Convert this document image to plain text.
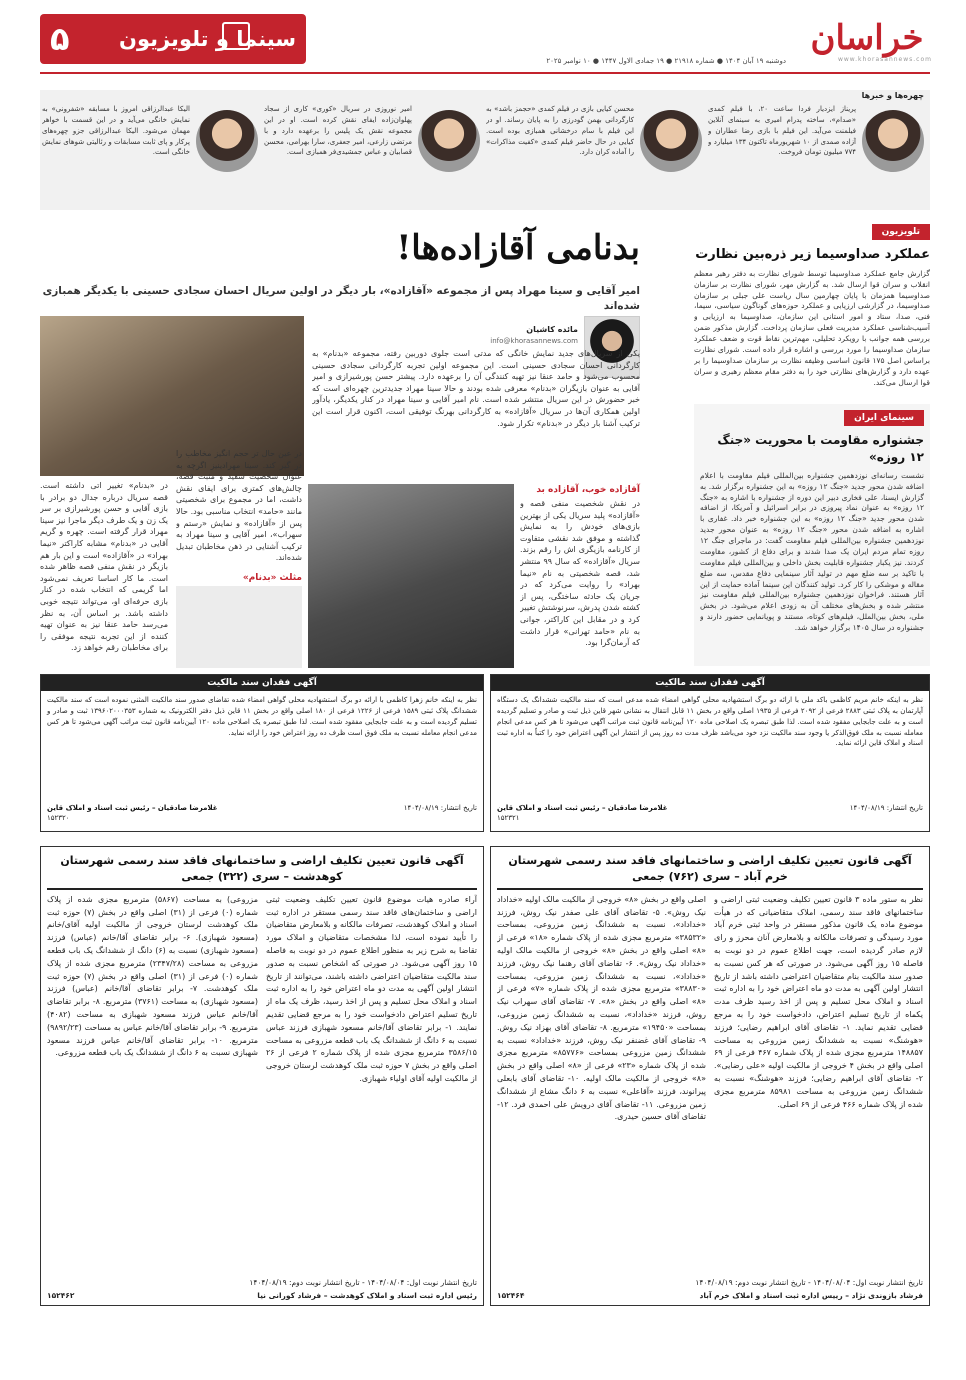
خراسان
www.khorasannews.com
دوشنبه ۱۹ آبان ۱۴۰۴ ● شماره ۲۱۹۱۸ ● ۱۹ جمادی الاول ۱۴۴۷ ● ۱۰ نوامبر ۲۰۲۵
سینما و تلویزیون
۵
چهره‌ها و خبرها
پریناز ایزدیار فردا ساعت ۲۰، با فیلم کمدی «صدام»، ساخته پدرام امیری به سینمای آنلاین فیلمنت می‌آید. این فیلم با بازی رضا عطاران و آزاده صمدی از ۱۰ شهریورماه تاکنون ۱۳۴ میلیارد و ۷۷۴ میلیون تومان فروخت.
محسن کیایی بازی در فیلم کمدی «حجمز باشد» به کارگردانی بهمن گودرزی را به پایان رساند. او در این فیلم با سام درخشانی همبازی بوده است. کیایی در حال حاضر فیلم کمدی «کفیت مذاکرات» را آماده کران دارد.
امیر نوروزی در سریال «کوری» کاری از سجاد پهلوان‌زاده ایفای نقش کرده است. او در این مجموعه نقش یک پلیس را برعهده دارد و با مرتضی زارعی، امیر جعفری، سارا بهرامی، محسن قصابیان و عباس جمشیدی‌فر همبازی است.
الیکا عبدالرزاقی امروز با مسابقه «شفرونی» به نمایش خانگی می‌آید و در این قسمت با خواهر مهمان می‌شود. الیکا عبدالرزاقی جزو چهره‌های پرکار و پای ثابت مسابقات و رئالیتی شوهای نمایش خانگی است.
تلویزیون
عملکرد صداوسیما زیر ذره‌بین نظارت
گزارش جامع عملکرد صداوسیما توسط شورای نظارت به دفتر رهبر معظم انقلاب و سران قوا ارسال شد. به گزارش مهر، شورای نظارت بر سازمان صداوسیما همزمان با پایان چهارمین سال ریاست علی جبلی بر سازمان صداوسیما، در گزارشی ارزیابی و عملکرد حوزه‌های گوناگون سیاسی، سیما، فنی، صدا، ستاد و امور استانی این سازمان، صداوسیما به ارزیابی و آسیب‌شناسی عملکرد مدیریت فعلی سازمان پرداخت. گزارش مذکور ضمن بررسی همه جوانب با رویکرد تحلیلی، مهم‌ترین نقاط قوت و ضعف عملکرد سازمان صداوسیما را مورد بررسی و اشاره قرار داده است. شورای نظارت براساس اصل ۱۷۵ قانون اساسی وظیفه نظارت بر سازمان صداوسیما را بر عهده دارد و گزارش‌های نظارتی خود را به دفتر مقام معظم رهبری و سران قوا ارسال می‌کند.
سینمای ایران
جشنواره مقاومت با محوریت «جنگ ۱۲ روزه»
نشست رسانه‌ای نوزدهمین جشنواره بین‌المللی فیلم مقاومت با اعلام اضافه شدن محور جدید «جنگ ۱۲ روزه» به این جشنواره برگزار شد. به گزارش ایسنا، علی فخاری دبیر این دوره از جشنواره با اشاره به «جنگ ۱۲ روزه» به عنوان نماد پیروزی در برابر اسرائیل و آمریکا، از اضافه شدن محور جدید «جنگ ۱۲ روزه» به این جشنواره خبر داد. غفاری با اشاره به اضافه شدن محور «جنگ ۱۲ روزه» به عنوان محور جدید نوزدهمین جشنواره بین‌المللی فیلم مقاومت گفت: در ماجرای جنگ ۱۲ روزه تمام مردم ایران یک صدا شدند و برای دفاع از کشور، مقاومت کردند. نیز یکبار جشنواره قابلیت بخش داخلی و بین‌المللی فیلم مقاومت با تاکید بر سه ضلع مهم در تولید آثار سینمایی دفاع مقدس، سه ضلع مقاله و موشکی را کار کرد. تولید کنندگان این سینما آماده حمایت از این آثار هستند. فراخوان نوزدهمین جشنواره بین‌المللی فیلم مقاومت نیز منتشر شده و بخش‌های مختلف آن به زودی اعلام می‌شود. در بخش ملی، بخش بین‌الملل، فیلم‌های کوتاه، مستند و پویانمایی حضور دارند و جشنواره در سال ۱۴۰۵ برگزار خواهد شد.
بدنامی آقازاده‌ها!
امیر آقایی و سینا مهراد پس از مجموعه «آقازاده»، بار دیگر در اولین سریال احسان سجادی حسینی با یکدیگر همبازی شده‌اند
مائده کاشیان
info@khorasannews.com
یکی از سریال‌های جدید نمایش خانگی که مدتی است جلوی دوربین رفته، مجموعه «بدنام» به کارگردانی احسان سجادی حسینی است. این مجموعه اولین تجربه کارگردانی سجادی حسینی محسوب می‌شود و حامد عنقا نیز تهیه کنندگی آن را برعهده دارد. پیشتر حسن پورشیرازی و امیر آقایی به عنوان بازیگران «بدنام» معرفی شده بودند و حالا سینا مهراد جدیدترین چهره‌ای است که خبر حضورش در این سریال منتشر شده است. نام امیر آقایی و سینا مهراد در کنار یکدیگر، یادآور اولین همکاری آن‌ها در سریال «آقازاده» به کارگردانی بهرنگ توفیقی است، اکنون قرار است این ترکیب آشنا بار دیگر در «بدنام» تکرار شود.
آقازاده خوب، آقازاده بد
در نقش شخصیت منفی قصه و «آقازاده» پلید سریال یکی از بهترین بازی‌های خودش را به نمایش گذاشته و موفق شد نقشی متفاوت از کارنامه بازیگری اش را رقم بزند. سریال «آقازاده» که سال ۹۹ منتشر شد، قصه شخصیتی به نام «نیما بهراد» را روایت می‌کرد که در جریان یک حادثه ساختگی، پس از کشته شدن پدرش، سرنوشتش تغییر کرد و در مقابل این کاراکتر، جوانی به نام «حامد تهرانی» قرار داشت که آرمان‌گرا بود.
در عین حال تر حجم انگیز مخاطب را در گیر کند. سینا مهرادینیز اگرچه به عنوان شخصیت سفید و مثبت قصه، چالش‌های کمتری برای ایفای نقش داشت، اما در مجموع برای شخصیتی مانند «حامد» انتخاب مناسبی بود. حالا پس از «آقازاده» و نمایش «رستم و سهراب»، امیر آقایی و سینا مهراد به ترکیب آشنایی در ذهن مخاطبان تبدیل شده‌اند.
مثلث «بدنام»
در «بدنام» تغییر اتی داشته است. قصه سریال درباره جدال دو برادر با بازی آقایی و حسن پورشیرازی بر سر یک زن و یک طرف دیگر ماجرا نیز سینا مهراد قرار گرفته است. چهره و گریم آقایی در «بدنام» مشابه کاراکتر «نیما بهراد» در «آقازاده» است و این بار هم بازیگر در نقش منفی قصه ظاهر شده است. ما کار اساسا تعریف نمی‌شود اما گریمی که انتخاب شده در کنار بازی حرفه‌ای او، می‌تواند نتیجه خوبی داشته باشد. بر اساس آن، به نظر می‌رسد حامد عنقا نیز به عنوان تهیه کننده از این تجربه نتیجه موفقی را برای مخاطبان رقم خواهد زد.
آگهی فقدان سند مالکیت
نظر به اینکه خانم مریم کاظمی باکد ملی با ارائه دو برگ استشهادیه محلی گواهی امضاء شده مدعی است که سند مالکیت ششدانگ یک دستگاه آپارتمان به پلاک ثبتی ۲۸۸۳ فرعی از ۲۰۹۲ فرعی از ۱۹۳۵ اصلی واقع در بخش ۱۱ قابل انتقال به نشانی شهر قاین ذیل ثبت و صادر و تسلیم گردیده است و به علت جابجایی مفقود شده است. لذا طبق تبصره یک اصلاحی ماده ۱۲۰ آیین‌نامه قانون ثبت مراتب آگهی می‌شود تا هر کس مدعی انجام معامله نسبت به ملک فوق‌الذکر یا وجود سند مالکیت نزد خود می‌باشد ظرف مدت ده روز پس از انتشار این آگهی اعتراض خود را کتباً به اداره ثبت اسناد و املاک قاین ارائه نماید.
تاریخ انتشار: ۱۴۰۴/۰۸/۱۹
غلامرضا صادقیان – رئیس ثبت اسناد و املاک قاین
۱۵۲۳۲۱
آگهی فقدان سند مالکیت
نظر به اینکه خانم زهرا کاظمی با ارائه دو برگ استشهادیه محلی گواهی امضاء شده تقاضای صدور سند مالکیت المثنی نموده است که سند مالکیت ششدانگ پلاک ثبتی ۱۵۸۹ فرعی از ۱۲۲۶ فرعی از ۱۸۰ اصلی واقع در بخش ۱۱ قاین ذیل دفتر الکترونیک به شماره ۱۳۹۶۰۲۰۰۰۳۵۳ ثبت و صادر و تسلیم گردیده است و به علت جابجایی مفقود شده است. لذا طبق تبصره یک اصلاحی ماده ۱۲۰ آیین‌نامه قانون ثبت مراتب آگهی می‌شود تا هر کس مدعی انجام معامله نسبت به ملک فوق است ظرف ده روز اعتراض خود را ارائه نماید.
تاریخ انتشار: ۱۴۰۴/۰۸/۱۹
غلامرضا صادقیان – رئیس ثبت اسناد و املاک قاین
۱۵۲۳۲۰
آگهی قانون تعیین تکلیف اراضی و ساختمانهای فاقد سند رسمی شهرستان خرم آباد – سری (۷۶۲) جمعی
نظر به ستور ماده ۳ قانون تعیین تکلیف وضعیت ثبتی اراضی و ساختمانهای فاقد سند رسمی، املاک متقاضیانی که در هیأت موضوع ماده یک قانون مذکور مستقر در واحد ثبتی خرم آباد مورد رسیدگی و تصرفات مالکانه و بلامعارض آنان محرز و رای لازم صادر گردیده است، جهت اطلاع عموم در دو نوبت به فاصله ۱۵ روز آگهی می‌شود. در صورتی که هر کس نسبت به صدور سند مالکیت بنام متقاضیان اعتراضی داشته باشد از تاریخ انتشار اولین آگهی به مدت دو ماه اعتراض خود را به اداره ثبت اسناد و املاک محل تسلیم و پس از اخذ رسید ظرف مدت یکماه از تاریخ تسلیم اعتراض، دادخواست خود را به مرجع قضایی تقدیم نماید. ۱- تقاضای آقای ابراهیم رضایی؛ فرزند «هوشنگ» نسبت به ششدانگ زمین مزروعی به مساحت ۱۴۸۸۵۷ مترمربع مجزی شده از پلاک شماره ۴۶۷ فرعی از ۶۹ اصلی واقع در بخش ۴ خروجی از مالکیت اولیه «علی رضایی». ۲- تقاضای آقای ابراهیم رضایی؛ فرزند «هوشنگ» نسبت به ششدانگ زمین مزروعی به مساحت ۸۵۹۸۱ مترمربع مجزی شده از پلاک شماره ۴۶۶ فرعی از ۶۹ اصلی.
اصلی واقع در بخش «۸» خروجی از مالکیت مالک اولیه «خداداد نیک روش». ۵- تقاضای آقای علی صفدر نیک روش، فرزند «خداداد»، نسبت به ششدانگ زمین مزروعی، بمساحت «۳۸۵۳۲» مترمربع مجزی شده از پلاک شماره «۱۸» فرعی از «۸» اصلی واقع در بخش «۸» خروجی از مالکیت مالک اولیه «خداداد نیک روش». ۶- تقاضای آقای رهنما نیک روش، فرزند «خداداد»، نسبت به ششدانگ زمین مزروعی، بمساحت «۳۸۸۳۰» مترمربع مجزی شده از پلاک شماره «۷» فرعی از «۸» اصلی واقع در بخش «۸». ۷- تقاضای آقای سهراب نیک روش، فرزند «خداداد»، نسبت به ششدانگ زمین مزروعی، بمساحت «۱۹۴۵۰» مترمربع. ۸- تقاضای آقای بهزاد نیک روش. ۹- تقاضای آقای غضنفر نیک روش، فرزند «خداداد» نسبت به ششدانگ زمین مزروعی بمساحت «۸۵۷۷۶» مترمربع مجزی شده از پلاک شماره «۲۳» فرعی از «۸» اصلی واقع در بخش «۸» خروجی از مالکیت مالک اولیه. ۱۰- تقاضای آقای بابعلی پیرانوند، فرزند «آقاعلی» نسبت به ۶ دانگ مشاع از ششدانگ زمین مزروعی. ۱۱- تقاضای آقای درویش علی احمدی فرد. ۱۲- تقاضای آقای حسین حیدری.
تاریخ انتشار نوبت اول: ۱۴۰۴/۰۸/۰۴ - تاریخ انتشار نوبت دوم: ۱۴۰۴/۰۸/۱۹
فرشاد بازوندی نژاد – رییس اداره ثبت اسناد و املاک خرم آباد
۱۵۲۴۶۴
آگهی قانون تعیین تکلیف اراضی و ساختمانهای فاقد سند رسمی شهرستان کوهدشت – سری (۳۲۲) جمعی
آراء صادره هیات موضوع قانون تعیین تکلیف وضعیت ثبتی اراضی و ساختمان‌های فاقد سند رسمی مستقر در اداره ثبت اسناد و املاک کوهدشت، تصرفات مالکانه و بلامعارض متقاضیان را تأیید نموده است، لذا مشخصات متقاضیان و املاک مورد تقاضا به شرح زیر به منظور اطلاع عموم در دو نوبت به فاصله ۱۵ روز آگهی می‌شود. در صورتی که اشخاص نسبت به صدور سند مالکیت متقاضیان اعتراضی داشته باشند، می‌توانند از تاریخ انتشار اولین آگهی به مدت دو ماه اعتراض خود را به اداره ثبت اسناد و املاک محل تسلیم و پس از اخذ رسید، ظرف یک ماه از تاریخ تسلیم اعتراض دادخواست خود را به مرجع قضایی تقدیم نمایند. ۱- برابر تقاضای آقا/خانم مسعود شهبازی فرزند عباس نسبت به ۶ دانگ از ششدانگ یک باب قطعه مزروعی به مساحت ۳۵۸۶/۱۵ مترمربع مجزی شده از پلاک شماره ۲ فرعی از ۲۶ اصلی واقع در بخش ۷ حوزه ثبت ملک کوهدشت لرستان خروجی از مالکیت اولیه آقای اولیاء شهبازی.
مزروعی) به مساحت (۵۸۶۷) مترمربع مجزی شده از پلاک شماره (۰) فرعی از (۳۱) اصلی واقع در بخش (۷) حوزه ثبت ملک کوهدشت لرستان خروجی از مالکیت اولیه آقای/خانم (مسعود شهبازی). ۶- برابر تقاضای آقا/خانم (عباس) فرزند (مسعود شهبازی) نسبت به (۶) دانگ از ششدانگ یک باب قطعه مزروعی به مساحت (۲۳۴۷/۲۸) مترمربع مجزی شده از پلاک شماره (۰) فرعی از (۳۱) اصلی واقع در بخش (۷) حوزه ثبت ملک کوهدشت. ۷- برابر تقاضای آقا/خانم (عباس) فرزند (مسعود شهبازی) به مساحت (۳۷۶۱) مترمربع. ۸- برابر تقاضای آقا/خانم عباس فرزند مسعود شهبازی به مساحت (۴۰۸۲) مترمربع. ۹- برابر تقاضای آقا/خانم عباس به مساحت (۹۸۹۲/۲۳) مترمربع. ۱۰- برابر تقاضای آقا/خانم عباس فرزند مسعود شهبازی نسبت به ۶ دانگ از ششدانگ یک باب قطعه مزروعی.
تاریخ انتشار نوبت اول: ۱۴۰۴/۰۸/۰۴ - تاریخ انتشار نوبت دوم: ۱۴۰۴/۰۸/۱۹
رئیس اداره ثبت اسناد و املاک کوهدشت – فرشاد کورانی نیا
۱۵۲۴۶۲
